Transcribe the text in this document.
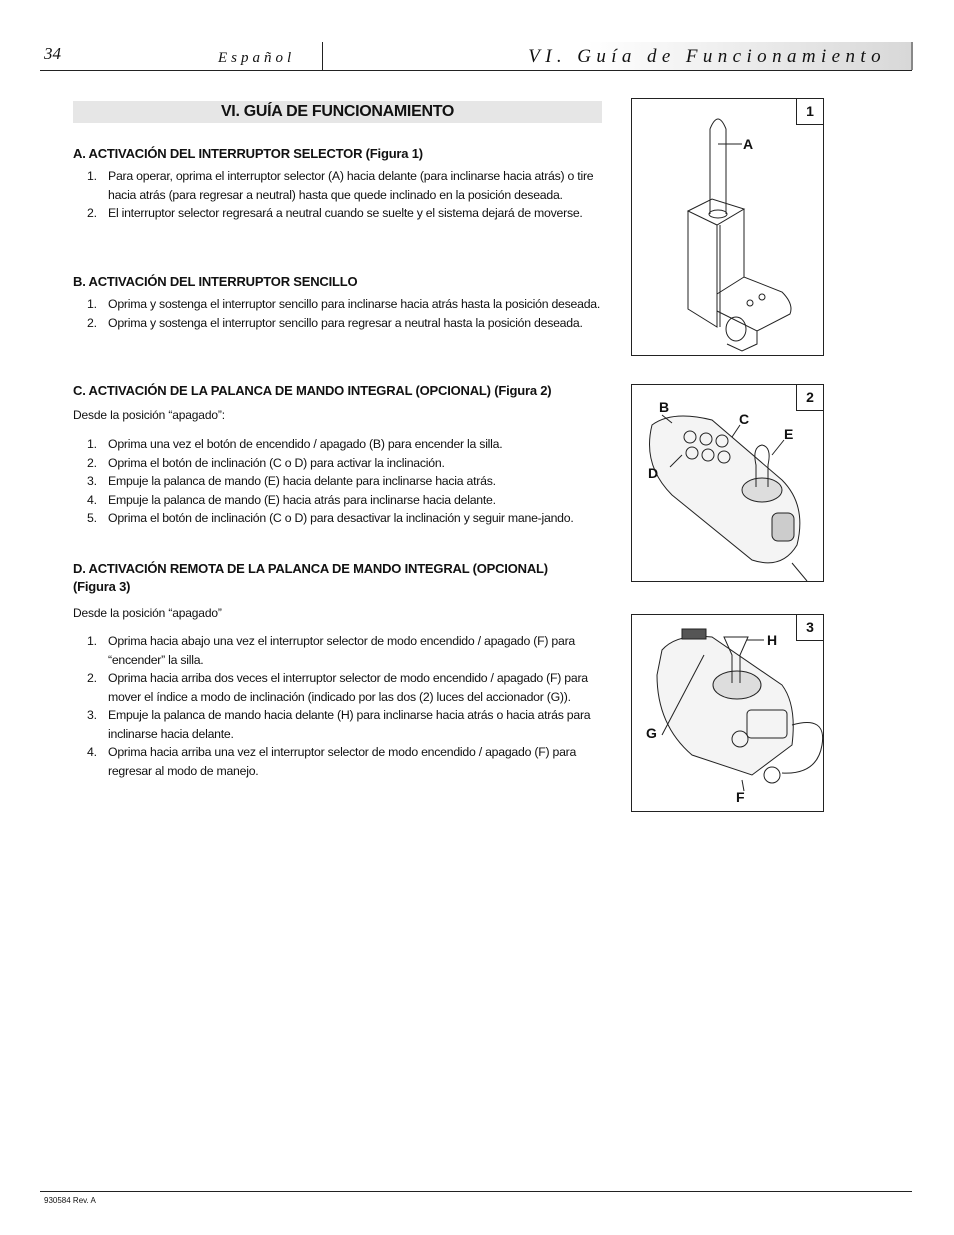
34	Español	VI. Guía de Funcionamiento
VI. GUÍA DE FUNCIONAMIENTO
A. ACTIVACIÓN DEL INTERRUPTOR SELECTOR (Figura 1)
1. Para operar, oprima el interruptor selector (A) hacia delante (para inclinarse hacia atrás) o tire hacia atrás (para regresar a neutral) hasta que quede inclinado en la posición deseada.
2. El interruptor selector regresará a neutral cuando se suelte y el sistema dejará de moverse.
B. ACTIVACIÓN DEL INTERRUPTOR SENCILLO
1. Oprima y sostenga el interruptor sencillo para inclinarse hacia atrás hasta la posición deseada.
2. Oprima y sostenga el interruptor sencillo para regresar a neutral hasta la posición deseada.
C. ACTIVACIÓN DE LA PALANCA DE MANDO INTEGRAL (OPCIONAL) (Figura 2)
Desde la posición “apagado”:
1. Oprima una vez el botón de encendido / apagado (B) para encender la silla.
2. Oprima el botón de inclinación (C o D) para activar la inclinación.
3. Empuje la palanca de mando (E) hacia delante para inclinarse hacia atrás.
4. Empuje la palanca de mando (E) hacia atrás para inclinarse hacia delante.
5. Oprima el botón de inclinación (C o D) para desactivar la inclinación y seguir mane-jando.
D. ACTIVACIÓN REMOTA DE LA PALANCA DE MANDO INTEGRAL (OPCIONAL) (Figura 3)
Desde la posición “apagado”
1. Oprima hacia abajo una vez el interruptor selector de modo encendido / apagado (F) para “encender” la silla.
2. Oprima hacia arriba dos veces el interruptor selector de modo encendido / apagado (F) para mover el índice a modo de inclinación (indicado por las dos (2) luces del accionador (G)).
3. Empuje la palanca de mando hacia delante (H) para inclinarse hacia atrás o hacia atrás para inclinarse hacia delante.
4. Oprima hacia arriba una vez el interruptor selector de modo encendido / apagado (F) para regresar al modo de manejo.
1
A
2
B
C
D
E
3
H
G
F
930584 Rev. A
